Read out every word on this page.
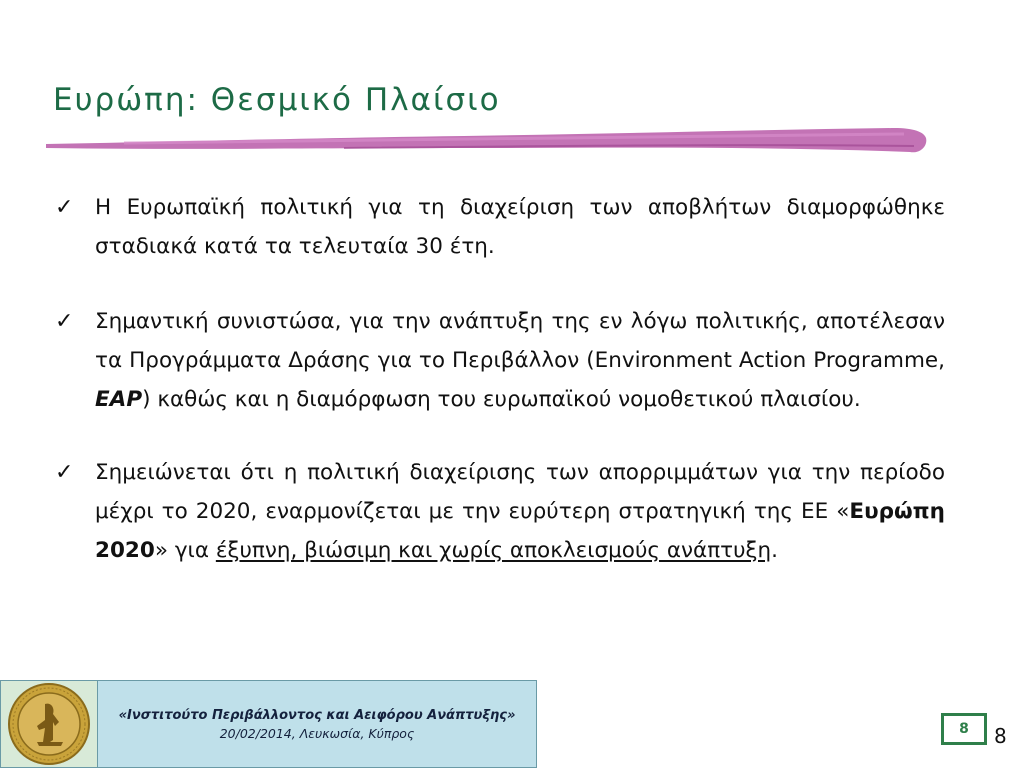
Ευρώπη: Θεσμικό Πλαίσιο
✓ Η Ευρωπαϊκή πολιτική για τη διαχείριση των αποβλήτων διαμορφώθηκε σταδιακά κατά τα τελευταία 30 έτη.
✓ Σημαντική συνιστώσα, για την ανάπτυξη της εν λόγω πολιτικής, αποτέλεσαν τα Προγράμματα Δράσης για το Περιβάλλον (Environment Action Programme, EAP) καθώς και η διαμόρφωση του ευρωπαϊκού νομοθετικού πλαισίου.
✓ Σημειώνεται ότι η πολιτική διαχείρισης των απορριμμάτων για την περίοδο μέχρι το 2020, εναρμονίζεται με την ευρύτερη στρατηγική της ΕΕ «Ευρώπη 2020» για έξυπνη, βιώσιμη και χωρίς αποκλεισμούς ανάπτυξη.
«Ινστιτούτο Περιβάλλοντος και Αειφόρου Ανάπτυξης»
20/02/2014, Λευκωσία, Κύπρος	8	8
